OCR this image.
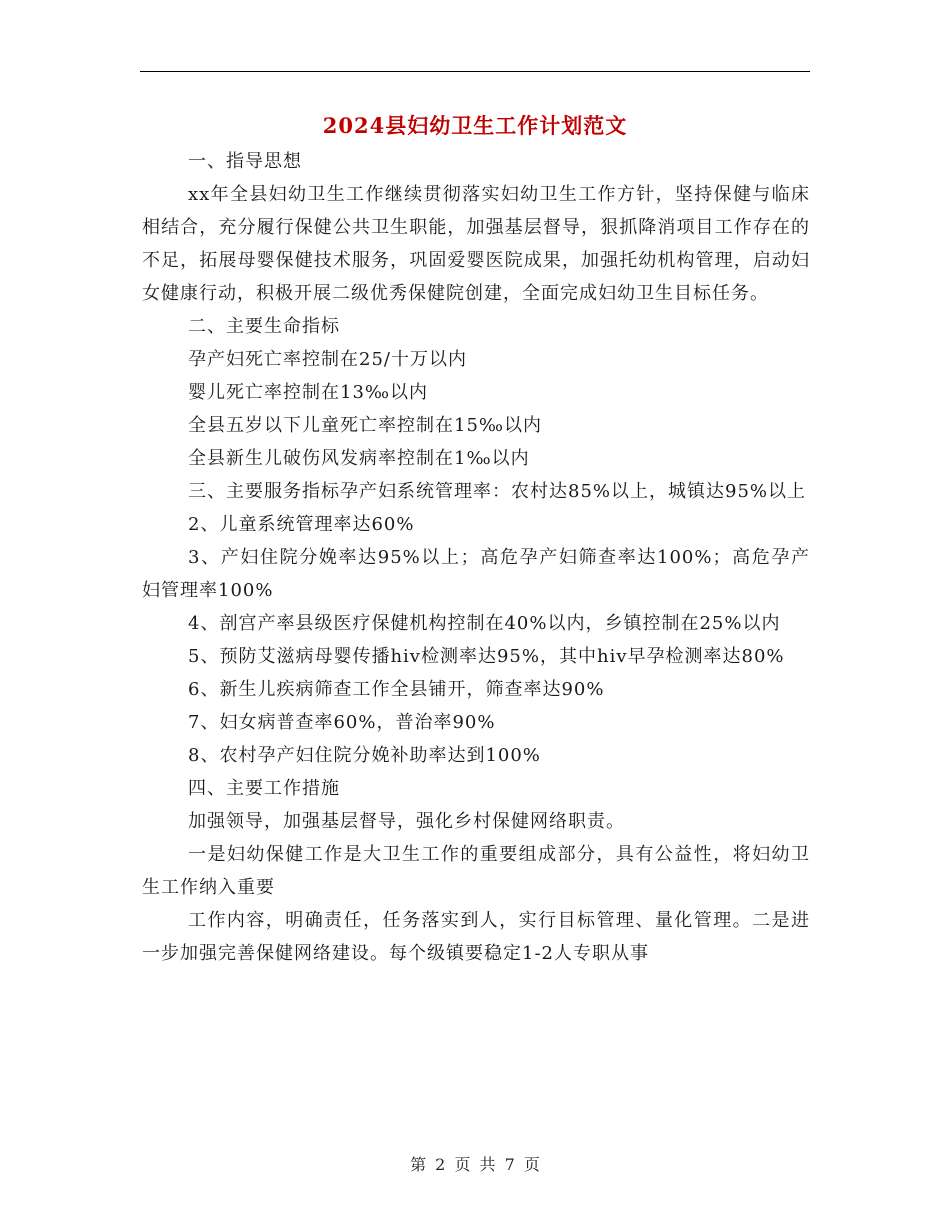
2024县妇幼卫生工作计划范文

一、指导思想

xx年全县妇幼卫生工作继续贯彻落实妇幼卫生工作方针，坚持保健与临床相结合，充分履行保健公共卫生职能，加强基层督导，狠抓降消项目工作存在的不足，拓展母婴保健技术服务，巩固爱婴医院成果，加强托幼机构管理，启动妇女健康行动，积极开展二级优秀保健院创建，全面完成妇幼卫生目标任务。

二、主要生命指标

孕产妇死亡率控制在25/十万以内

婴儿死亡率控制在13‰以内

全县五岁以下儿童死亡率控制在15‰以内

全县新生儿破伤风发病率控制在1‰以内

三、主要服务指标孕产妇系统管理率：农村达85%以上，城镇达95%以上

2、儿童系统管理率达60%

3、产妇住院分娩率达95%以上；高危孕产妇筛查率达100%；高危孕产妇管理率100%

4、剖宫产率县级医疗保健机构控制在40%以内，乡镇控制在25%以内

5、预防艾滋病母婴传播hiv检测率达95%，其中hiv早孕检测率达80%

6、新生儿疾病筛查工作全县铺开，筛查率达90%

7、妇女病普查率60%，普治率90%

8、农村孕产妇住院分娩补助率达到100%

四、主要工作措施

加强领导，加强基层督导，强化乡村保健网络职责。

一是妇幼保健工作是大卫生工作的重要组成部分，具有公益性，将妇幼卫生工作纳入重要

工作内容，明确责任，任务落实到人，实行目标管理、量化管理。二是进一步加强完善保健网络建设。每个级镇要稳定1-2人专职从事

第 2 页 共 7 页
